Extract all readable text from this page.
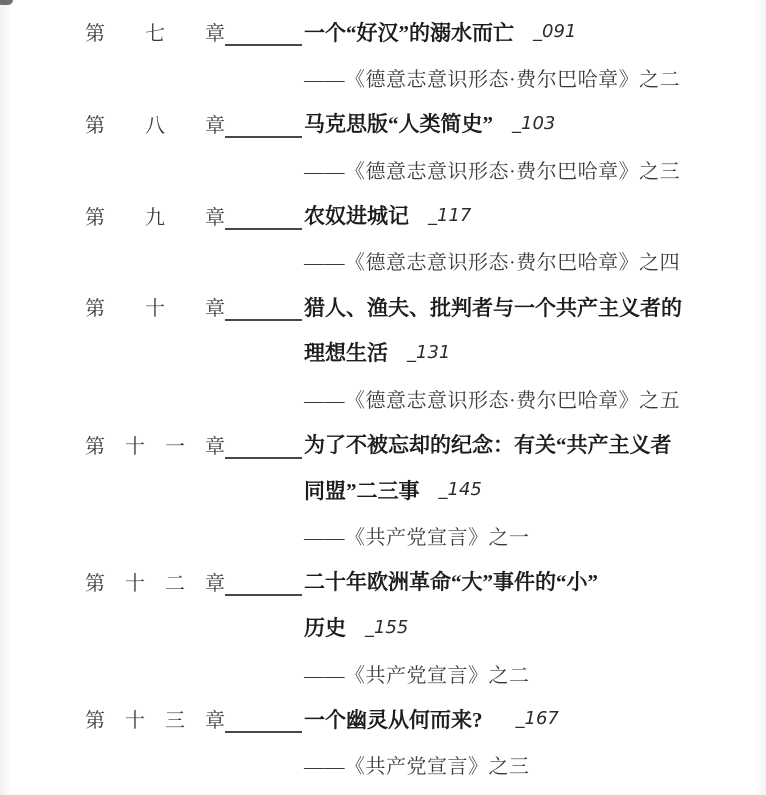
第 七 章	一个“好汉”的溺水而亡 _091
——《德意志意识形态·费尔巴哈章》之二
第 八 章	马克思版“人类简史” _103
——《德意志意识形态·费尔巴哈章》之三
第 九 章	农奴进城记 _117
——《德意志意识形态·费尔巴哈章》之四
第 十 章	猎人、渔夫、批判者与一个共产主义者的
理想生活 _131
——《德意志意识形态·费尔巴哈章》之五
第 十 一 章	为了不被忘却的纪念：有关“共产主义者
同盟”二三事 _145
——《共产党宣言》之一
第 十 二 章	二十年欧洲革命“大”事件的“小”
历史 _155
——《共产党宣言》之二
第 十 三 章	一个幽灵从何而来? _167
——《共产党宣言》之三
